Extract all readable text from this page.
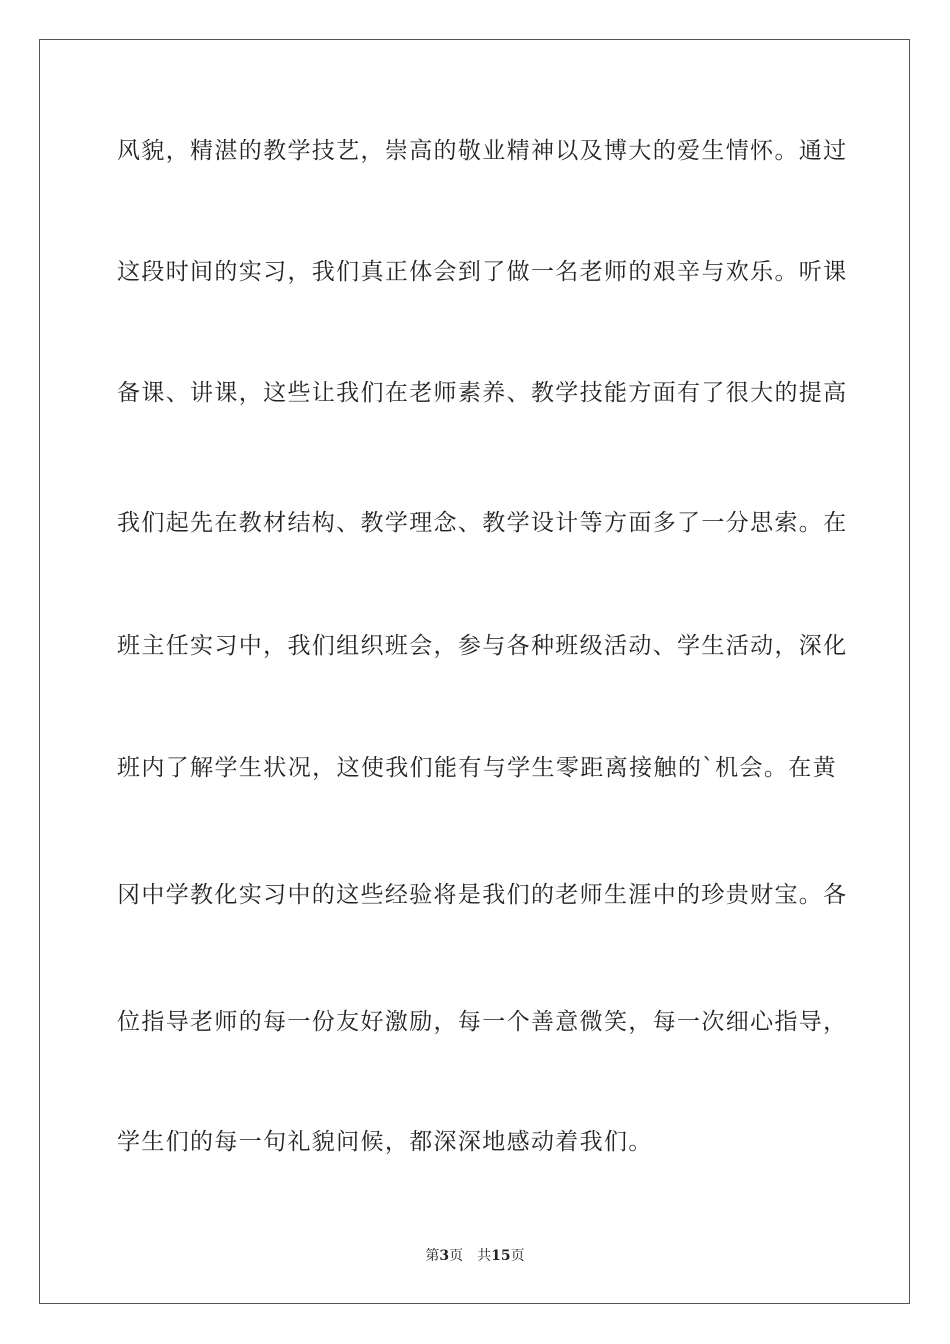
风貌，精湛的教学技艺，崇高的敬业精神以及博大的爱生情怀。通过
这段时间的实习，我们真正体会到了做一名老师的艰辛与欢乐。听课
备课、讲课，这些让我们在老师素养、教学技能方面有了很大的提高
我们起先在教材结构、教学理念、教学设计等方面多了一分思索。在
班主任实习中，我们组织班会，参与各种班级活动、学生活动，深化
班内了解学生状况，这使我们能有与学生零距离接触的`机会。在黄
冈中学教化实习中的这些经验将是我们的老师生涯中的珍贵财宝。各
位指导老师的每一份友好激励，每一个善意微笑，每一次细心指导，
学生们的每一句礼貌问候，都深深地感动着我们。
第3页 共15页
